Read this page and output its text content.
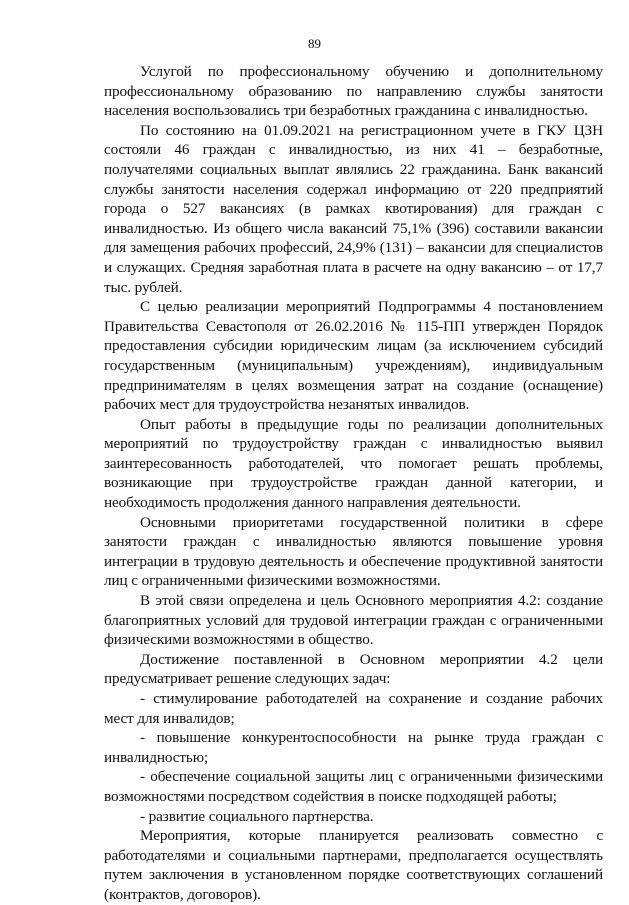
89

Услугой по профессиональному обучению и дополнительному профессиональному образованию по направлению службы занятости населения воспользовались три безработных гражданина с инвалидностью.

По состоянию на 01.09.2021 на регистрационном учете в ГКУ ЦЗН состояли 46 граждан с инвалидностью, из них 41 – безработные, получателями социальных выплат являлись 22 гражданина. Банк вакансий службы занятости населения содержал информацию от 220 предприятий города о 527 вакансиях (в рамках квотирования) для граждан с инвалидностью. Из общего числа вакансий 75,1% (396) составили вакансии для замещения рабочих профессий, 24,9% (131) – вакансии для специалистов и служащих. Средняя заработная плата в расчете на одну вакансию – от 17,7 тыс. рублей.

С целью реализации мероприятий Подпрограммы 4 постановлением Правительства Севастополя от 26.02.2016 № 115-ПП утвержден Порядок предоставления субсидии юридическим лицам (за исключением субсидий государственным (муниципальным) учреждениям), индивидуальным предпринимателям в целях возмещения затрат на создание (оснащение) рабочих мест для трудоустройства незанятых инвалидов.

Опыт работы в предыдущие годы по реализации дополнительных мероприятий по трудоустройству граждан с инвалидностью выявил заинтересованность работодателей, что помогает решать проблемы, возникающие при трудоустройстве граждан данной категории, и необходимость продолжения данного направления деятельности.

Основными приоритетами государственной политики в сфере занятости граждан с инвалидностью являются повышение уровня интеграции в трудовую деятельность и обеспечение продуктивной занятости лиц с ограниченными физическими возможностями.

В этой связи определена и цель Основного мероприятия 4.2: создание благоприятных условий для трудовой интеграции граждан с ограниченными физическими возможностями в общество.

Достижение поставленной в Основном мероприятии 4.2 цели предусматривает решение следующих задач:

- стимулирование работодателей на сохранение и создание рабочих мест для инвалидов;

- повышение конкурентоспособности на рынке труда граждан с инвалидностью;

- обеспечение социальной защиты лиц с ограниченными физическими возможностями посредством содействия в поиске подходящей работы;

- развитие социального партнерства.

Мероприятия, которые планируется реализовать совместно с работодателями и социальными партнерами, предполагается осуществлять путем заключения в установленном порядке соответствующих соглашений (контрактов, договоров).
